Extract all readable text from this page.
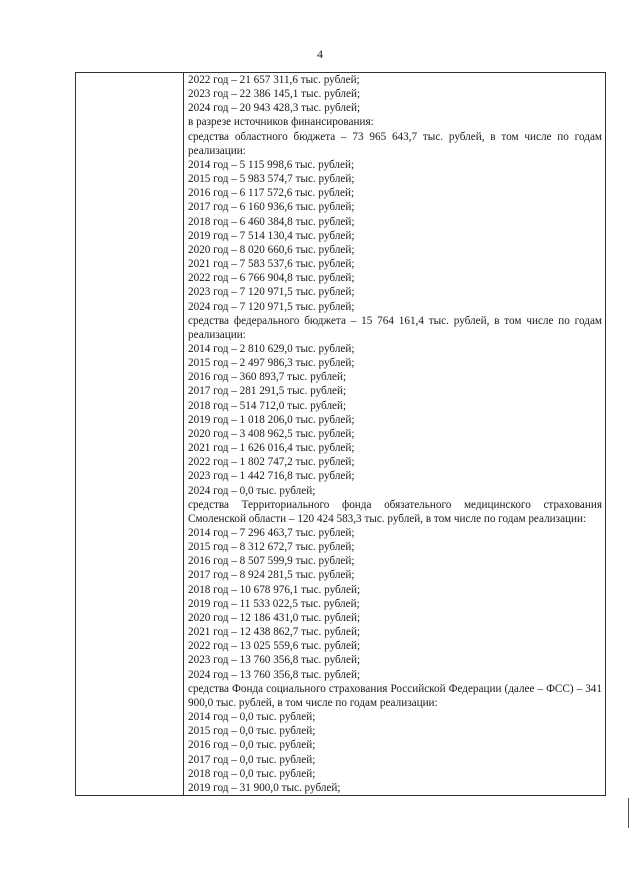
4
2022 год – 21 657 311,6 тыс. рублей;
2023 год – 22 386 145,1 тыс. рублей;
2024 год – 20 943 428,3 тыс. рублей;
в разрезе источников финансирования:
средства областного бюджета – 73 965 643,7 тыс. рублей, в том числе по годам реализации:
2014 год – 5 115 998,6 тыс. рублей;
2015 год – 5 983 574,7 тыс. рублей;
2016 год – 6 117 572,6 тыс. рублей;
2017 год – 6 160 936,6 тыс. рублей;
2018 год – 6 460 384,8 тыс. рублей;
2019 год – 7 514 130,4 тыс. рублей;
2020 год – 8 020 660,6 тыс. рублей;
2021 год – 7 583 537,6 тыс. рублей;
2022 год – 6 766 904,8 тыс. рублей;
2023 год – 7 120 971,5 тыс. рублей;
2024 год – 7 120 971,5 тыс. рублей;
средства федерального бюджета – 15 764 161,4 тыс. рублей, в том числе по годам реализации:
2014 год – 2 810 629,0 тыс. рублей;
2015 год – 2 497 986,3 тыс. рублей;
2016 год – 360 893,7 тыс. рублей;
2017 год – 281 291,5 тыс. рублей;
2018 год – 514 712,0 тыс. рублей;
2019 год – 1 018 206,0 тыс. рублей;
2020 год – 3 408 962,5 тыс. рублей;
2021 год – 1 626 016,4 тыс. рублей;
2022 год – 1 802 747,2 тыс. рублей;
2023 год – 1 442 716,8 тыс. рублей;
2024 год – 0,0 тыс. рублей;
средства Территориального фонда обязательного медицинского страхования Смоленской области – 120 424 583,3 тыс. рублей, в том числе по годам реализации:
2014 год – 7 296 463,7 тыс. рублей;
2015 год – 8 312 672,7 тыс. рублей;
2016 год – 8 507 599,9 тыс. рублей;
2017 год – 8 924 281,5 тыс. рублей;
2018 год – 10 678 976,1 тыс. рублей;
2019 год – 11 533 022,5 тыс. рублей;
2020 год – 12 186 431,0 тыс. рублей;
2021 год – 12 438 862,7 тыс. рублей;
2022 год – 13 025 559,6 тыс. рублей;
2023 год – 13 760 356,8 тыс. рублей;
2024 год – 13 760 356,8 тыс. рублей;
средства Фонда социального страхования Российской Федерации (далее – ФСС) – 341 900,0 тыс. рублей, в том числе по годам реализации:
2014 год – 0,0 тыс. рублей;
2015 год – 0,0 тыс. рублей;
2016 год – 0,0 тыс. рублей;
2017 год – 0,0 тыс. рублей;
2018 год – 0,0 тыс. рублей;
2019 год – 31 900,0 тыс. рублей;
